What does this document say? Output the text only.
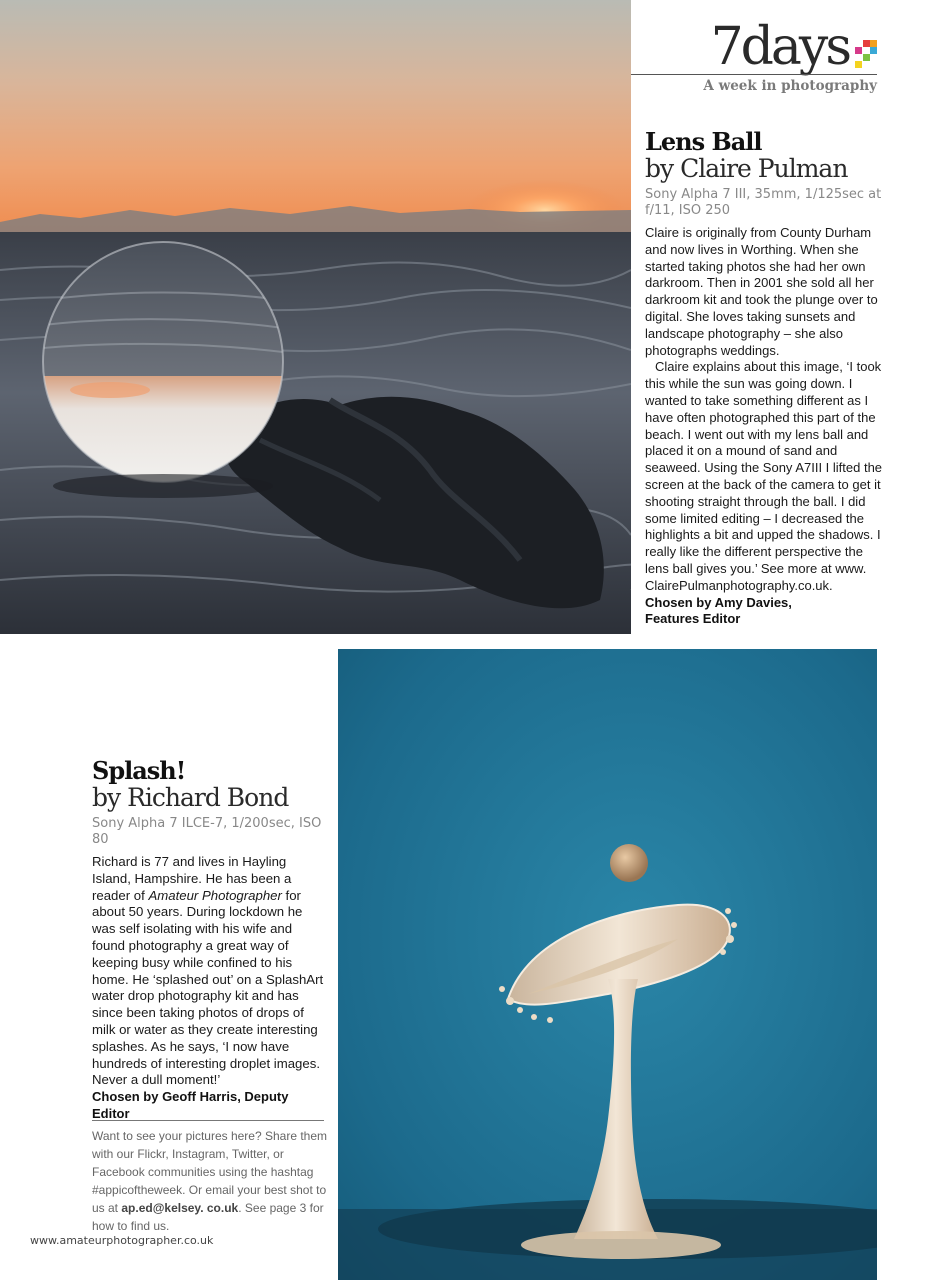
7days
A week in photography
Lens Ball
by Claire Pulman
Sony Alpha 7 III, 35mm, 1/125sec at f/11, ISO 250

Claire is originally from County Durham and now lives in Worthing. When she started taking photos she had her own darkroom. Then in 2001 she sold all her darkroom kit and took the plunge over to digital. She loves taking sunsets and landscape photography – she also photographs weddings.

Claire explains about this image, ‘I took this while the sun was going down. I wanted to take something different as I have often photographed this part of the beach. I went out with my lens ball and placed it on a mound of sand and seaweed. Using the Sony A7III I lifted the screen at the back of the camera to get it shooting straight through the ball. I did some limited editing – I decreased the highlights a bit and upped the shadows. I really like the different perspective the lens ball gives you.’ See more at www. ClairePulmanphotography.co.uk.

Chosen by Amy Davies,
Features Editor
Splash!
by Richard Bond
Sony Alpha 7 ILCE-7, 1/200sec, ISO 80

Richard is 77 and lives in Hayling Island, Hampshire. He has been a reader of Amateur Photographer for about 50 years. During lockdown he was self isolating with his wife and found photography a great way of keeping busy while confined to his home. He ‘splashed out’ on a SplashArt water drop photography kit and has since been taking photos of drops of milk or water as they create interesting splashes. As he says, ‘I now have hundreds of interesting droplet images. Never a dull moment!’

Chosen by Geoff Harris, Deputy Editor
Want to see your pictures here? Share them with our Flickr, Instagram, Twitter, or Facebook communities using the hashtag #appicoftheweek. Or email your best shot to us at ap.ed@kelsey. co.uk. See page 3 for how to find us.
www.amateurphotographer.co.uk
